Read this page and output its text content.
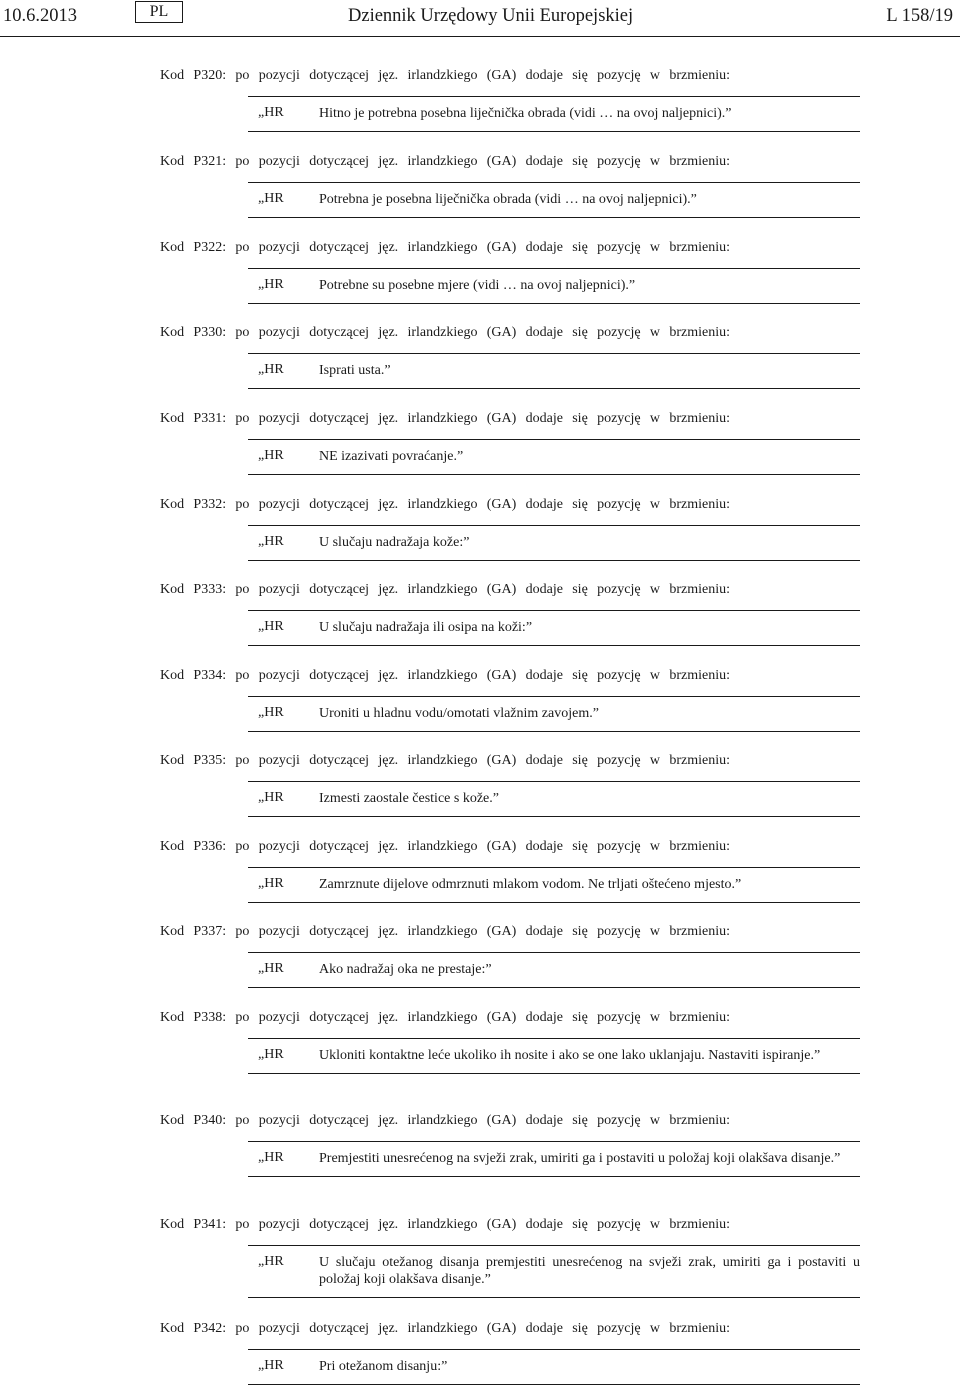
10.6.2013	PL	Dziennik Urzędowy Unii Europejskiej	L 158/19
Kod P320: po pozycji dotyczącej jęz. irlandzkiego (GA) dodaje się pozycję w brzmieniu:
„HR	Hitno je potrebna posebna liječnička obrada (vidi … na ovoj naljepnici).”
Kod P321: po pozycji dotyczącej jęz. irlandzkiego (GA) dodaje się pozycję w brzmieniu:
„HR	Potrebna je posebna liječnička obrada (vidi … na ovoj naljepnici).”
Kod P322: po pozycji dotyczącej jęz. irlandzkiego (GA) dodaje się pozycję w brzmieniu:
„HR	Potrebne su posebne mjere (vidi … na ovoj naljepnici).”
Kod P330: po pozycji dotyczącej jęz. irlandzkiego (GA) dodaje się pozycję w brzmieniu:
„HR	Isprati usta.”
Kod P331: po pozycji dotyczącej jęz. irlandzkiego (GA) dodaje się pozycję w brzmieniu:
„HR	NE izazivati povraćanje.”
Kod P332: po pozycji dotyczącej jęz. irlandzkiego (GA) dodaje się pozycję w brzmieniu:
„HR	U slučaju nadražaja kože:”
Kod P333: po pozycji dotyczącej jęz. irlandzkiego (GA) dodaje się pozycję w brzmieniu:
„HR	U slučaju nadražaja ili osipa na koži:”
Kod P334: po pozycji dotyczącej jęz. irlandzkiego (GA) dodaje się pozycję w brzmieniu:
„HR	Uroniti u hladnu vodu/omotati vlažnim zavojem.”
Kod P335: po pozycji dotyczącej jęz. irlandzkiego (GA) dodaje się pozycję w brzmieniu:
„HR	Izmesti zaostale čestice s kože.”
Kod P336: po pozycji dotyczącej jęz. irlandzkiego (GA) dodaje się pozycję w brzmieniu:
„HR	Zamrznute dijelove odmrznuti mlakom vodom. Ne trljati oštećeno mjesto.”
Kod P337: po pozycji dotyczącej jęz. irlandzkiego (GA) dodaje się pozycję w brzmieniu:
„HR	Ako nadražaj oka ne prestaje:”
Kod P338: po pozycji dotyczącej jęz. irlandzkiego (GA) dodaje się pozycję w brzmieniu:
„HR	Ukloniti kontaktne leće ukoliko ih nosite i ako se one lako uklanjaju. Nastaviti ispiranje.”
Kod P340: po pozycji dotyczącej jęz. irlandzkiego (GA) dodaje się pozycję w brzmieniu:
„HR	Premjestiti unesrećenog na svježi zrak, umiriti ga i postaviti u položaj koji olakšava disanje.”
Kod P341: po pozycji dotyczącej jęz. irlandzkiego (GA) dodaje się pozycję w brzmieniu:
„HR	U slučaju otežanog disanja premjestiti unesrećenog na svježi zrak, umiriti ga i postaviti u položaj koji olakšava disanje.”
Kod P342: po pozycji dotyczącej jęz. irlandzkiego (GA) dodaje się pozycję w brzmieniu:
„HR	Pri otežanom disanju:”
